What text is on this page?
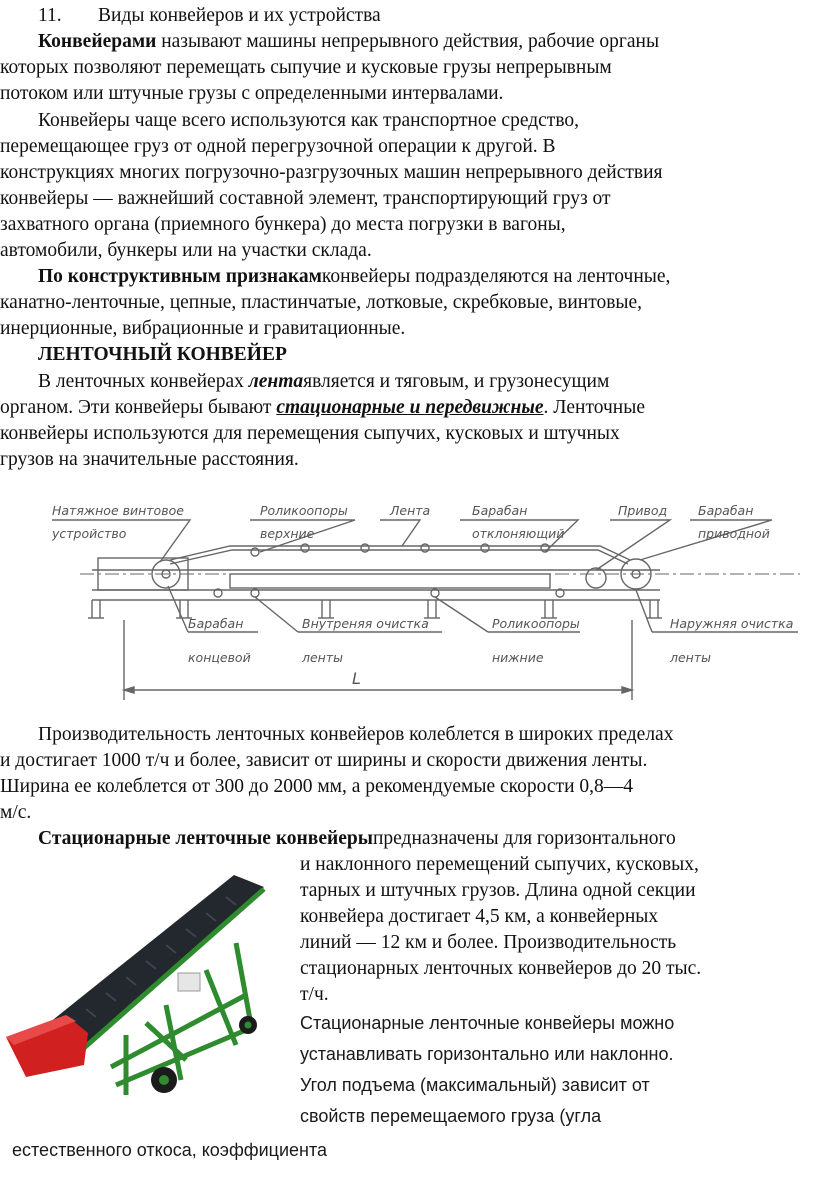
11. Виды конвейеров и их устройства
Конвейерами называют машины непрерывного действия, рабочие органы
которых позволяют перемещать сыпучие и кусковые грузы непрерывным
потоком или штучные грузы с определенными интервалами.
Конвейеры чаще всего используются как транспортное средство,
перемещающее груз от одной перегрузочной операции к другой. В
конструкциях многих погрузочно-разгрузочных машин непрерывного действия
конвейеры — важнейший составной элемент, транспортирующий груз от
захватного органа (приемного бункера) до места погрузки в вагоны,
автомобили, бункеры или на участки склада.
По конструктивным признакамконвейеры подразделяются на ленточные,
канатно-ленточные, цепные, пластинчатые, лотковые, скребковые, винтовые,
инерционные, вибрационные и гравитационные.
ЛЕНТОЧНЫЙ КОНВЕЙЕР
В ленточных конвейерах лентаявляется и тяговым, и грузонесущим
органом. Эти конвейеры бывают стационарные и передвижные. Ленточные
конвейеры используются для перемещения сыпучих, кусковых и штучных
грузов на значительные расстояния.
Натяжное винтовое
устройство
Роликоопоры
верхние
Лента	Барабан
отклоняющий
Привод Барабан
приводной
Барабан
концевой
Внутреняя очистка
ленты
Роликоопоры
нижние
Наружняя очистка
ленты
L
Производительность ленточных конвейеров колеблется в широких пределах
и достигает 1000 т/ч и более, зависит от ширины и скорости движения ленты.
Ширина ее колеблется от 300 до 2000 мм, а рекомендуемые скорости 0,8—4
м/с.
Стационарные ленточные конвейерыпредназначены для горизонтального
и наклонного перемещений сыпучих, кусковых,
тарных и штучных грузов. Длина одной секции
конвейера достигает 4,5 км, а конвейерных
линий — 12 км и более. Производительность
стационарных ленточных конвейеров до 20 тыс.
т/ч.
Стационарные ленточные конвейеры можно
устанавливать горизонтально или наклонно.
Угол подъема (максимальный) зависит от
свойств перемещаемого груза (угла
естественного откоса, коэффициента
